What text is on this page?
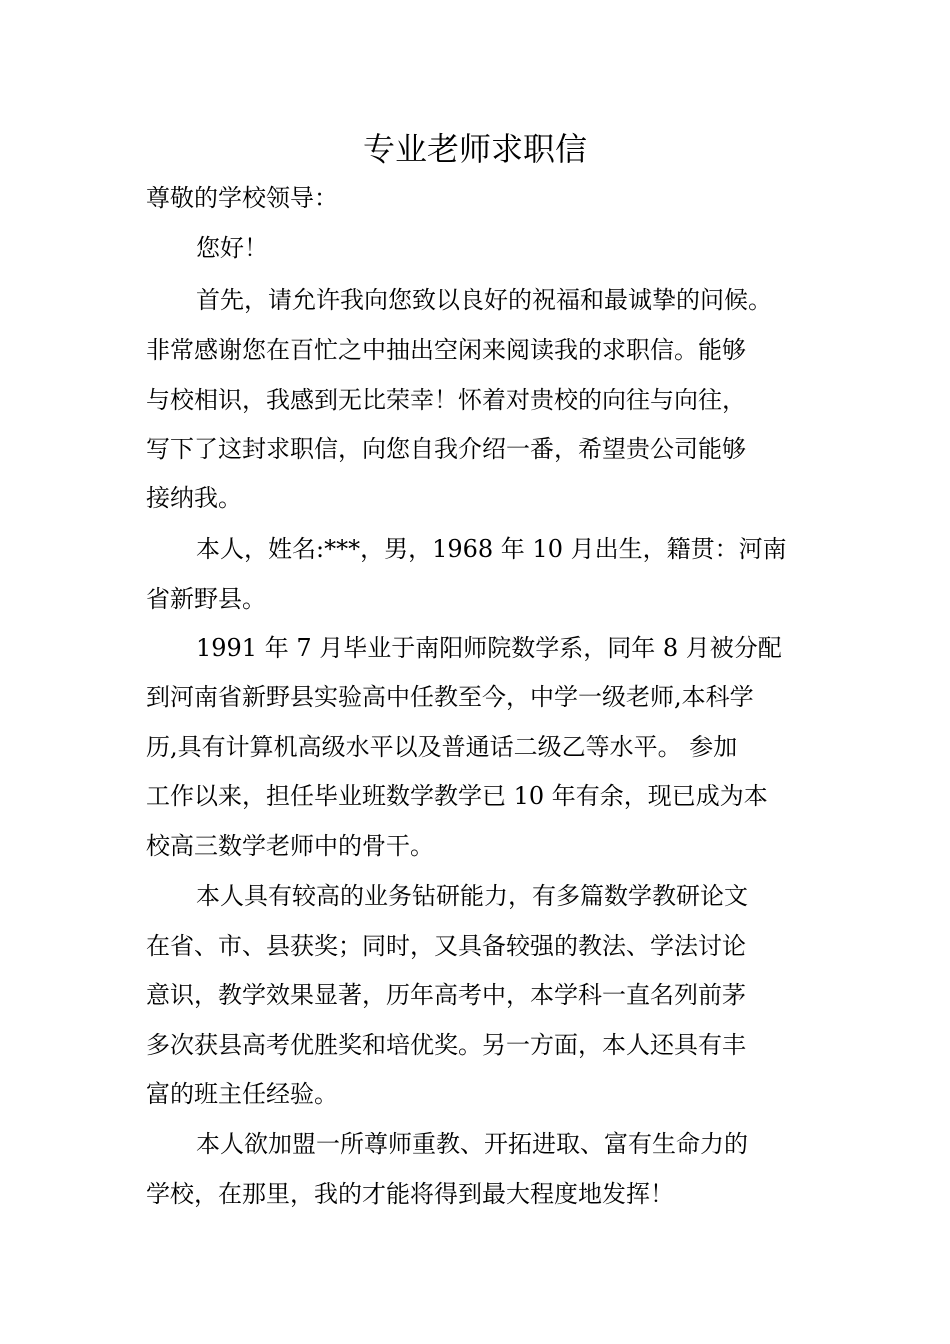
专业老师求职信

尊敬的学校领导：

您好！

首先，请允许我向您致以良好的祝福和最诚挚的问候。

非常感谢您在百忙之中抽出空闲来阅读我的求职信。能够

与校相识，我感到无比荣幸！怀着对贵校的向往与向往，

写下了这封求职信，向您自我介绍一番，希望贵公司能够

接纳我。

本人，姓名:***，男，1968 年 10 月出生，籍贯：河南

省新野县。

1991 年 7 月毕业于南阳师院数学系，同年 8 月被分配

到河南省新野县实验高中任教至今，中学一级老师,本科学

历,具有计算机高级水平以及普通话二级乙等水平。 参加

工作以来，担任毕业班数学教学已 10 年有余，现已成为本

校高三数学老师中的骨干。

本人具有较高的业务钻研能力，有多篇数学教研论文

在省、市、县获奖；同时，又具备较强的教法、学法讨论

意识，教学效果显著，历年高考中，本学科一直名列前茅

多次获县高考优胜奖和培优奖。另一方面，本人还具有丰

富的班主任经验。

本人欲加盟一所尊师重教、开拓进取、富有生命力的

学校，在那里，我的才能将得到最大程度地发挥！
